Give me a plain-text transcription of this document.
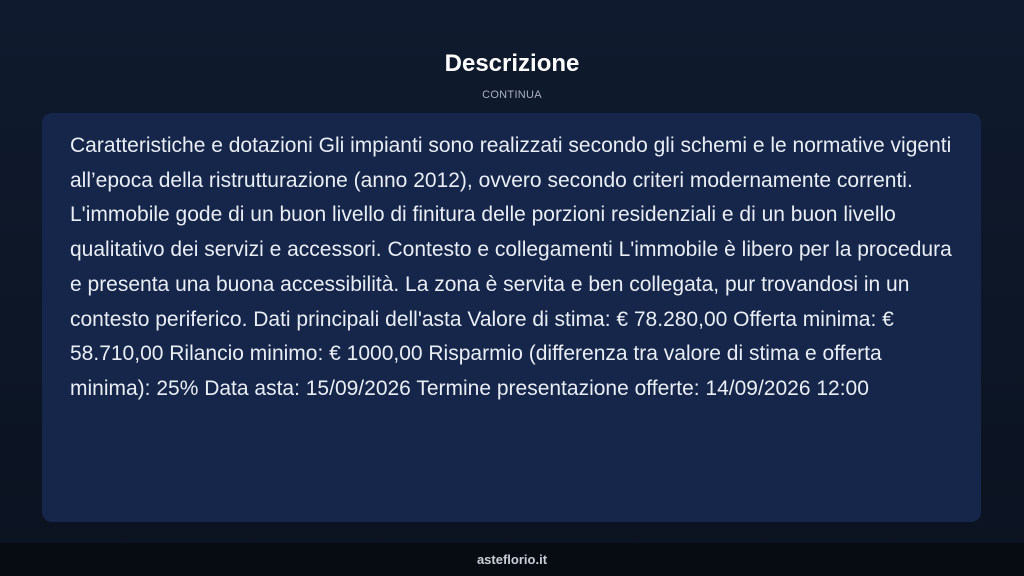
Descrizione
CONTINUA

Caratteristiche e dotazioni Gli impianti sono realizzati secondo gli schemi e le normative vigenti all’epoca della ristrutturazione (anno 2012), ovvero secondo criteri modernamente correnti. L'immobile gode di un buon livello di finitura delle porzioni residenziali e di un buon livello qualitativo dei servizi e accessori. Contesto e collegamenti L'immobile è libero per la procedura e presenta una buona accessibilità. La zona è servita e ben collegata, pur trovandosi in un contesto periferico. Dati principali dell'asta Valore di stima: € 78.280,00 Offerta minima: € 58.710,00 Rilancio minimo: € 1000,00 Risparmio (differenza tra valore di stima e offerta minima): 25% Data asta: 15/09/2026 Termine presentazione offerte: 14/09/2026 12:00

asteflorio.it
